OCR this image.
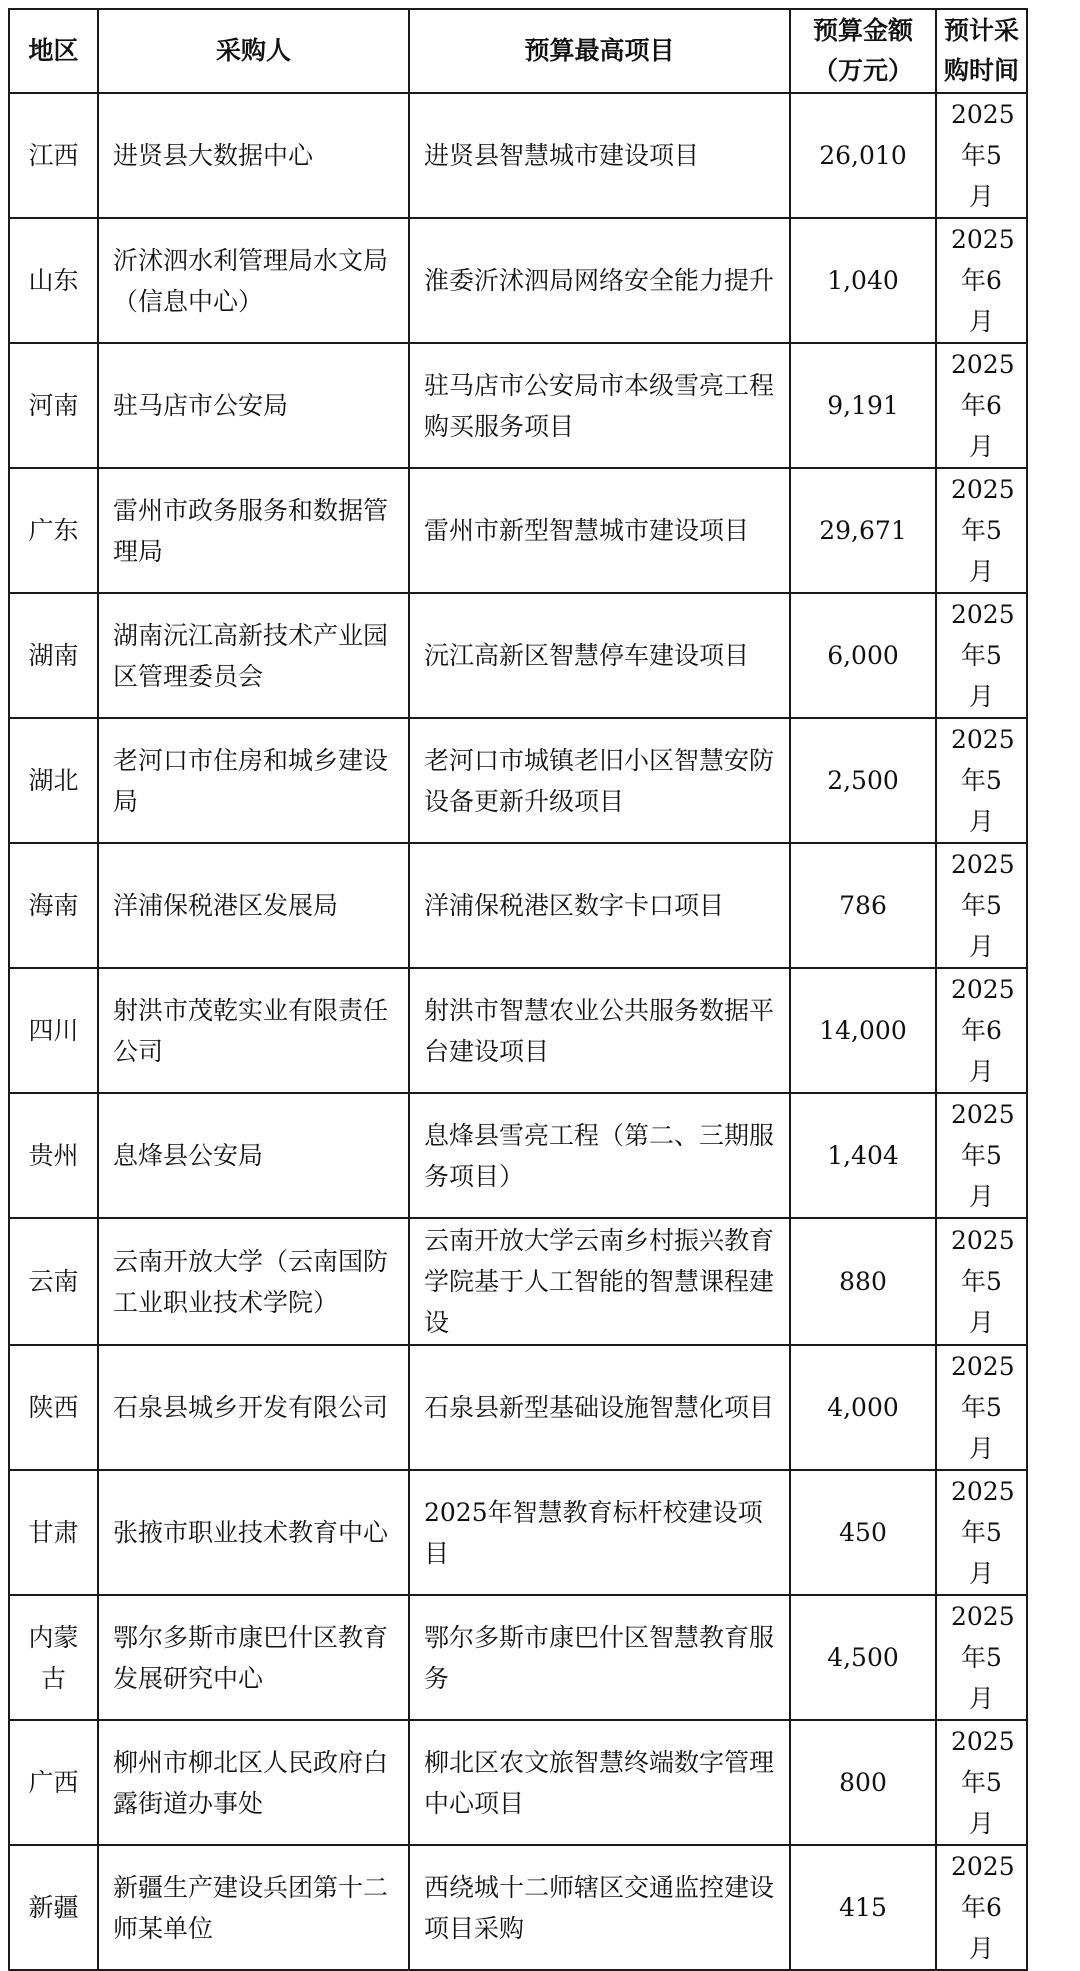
地区	采购人	预算最高项目	预算金额（万元）	预计采购时间
江西	进贤县大数据中心	进贤县智慧城市建设项目	26,010	2025年5月
山东	沂沭泗水利管理局水文局（信息中心）	淮委沂沭泗局网络安全能力提升	1,040	2025年6月
河南	驻马店市公安局	驻马店市公安局市本级雪亮工程购买服务项目	9,191	2025年6月
广东	雷州市政务服务和数据管理局	雷州市新型智慧城市建设项目	29,671	2025年5月
湖南	湖南沅江高新技术产业园区管理委员会	沅江高新区智慧停车建设项目	6,000	2025年5月
湖北	老河口市住房和城乡建设局	老河口市城镇老旧小区智慧安防设备更新升级项目	2,500	2025年5月
海南	洋浦保税港区发展局	洋浦保税港区数字卡口项目	786	2025年5月
四川	射洪市茂乾实业有限责任公司	射洪市智慧农业公共服务数据平台建设项目	14,000	2025年6月
贵州	息烽县公安局	息烽县雪亮工程（第二、三期服务项目）	1,404	2025年5月
云南	云南开放大学（云南国防工业职业技术学院）	云南开放大学云南乡村振兴教育学院基于人工智能的智慧课程建设	880	2025年5月
陕西	石泉县城乡开发有限公司	石泉县新型基础设施智慧化项目	4,000	2025年5月
甘肃	张掖市职业技术教育中心	2025年智慧教育标杆校建设项目	450	2025年5月
内蒙古	鄂尔多斯市康巴什区教育发展研究中心	鄂尔多斯市康巴什区智慧教育服务	4,500	2025年5月
广西	柳州市柳北区人民政府白露街道办事处	柳北区农文旅智慧终端数字管理中心项目	800	2025年5月
新疆	新疆生产建设兵团第十二师某单位	西绕城十二师辖区交通监控建设项目采购	415	2025年6月
